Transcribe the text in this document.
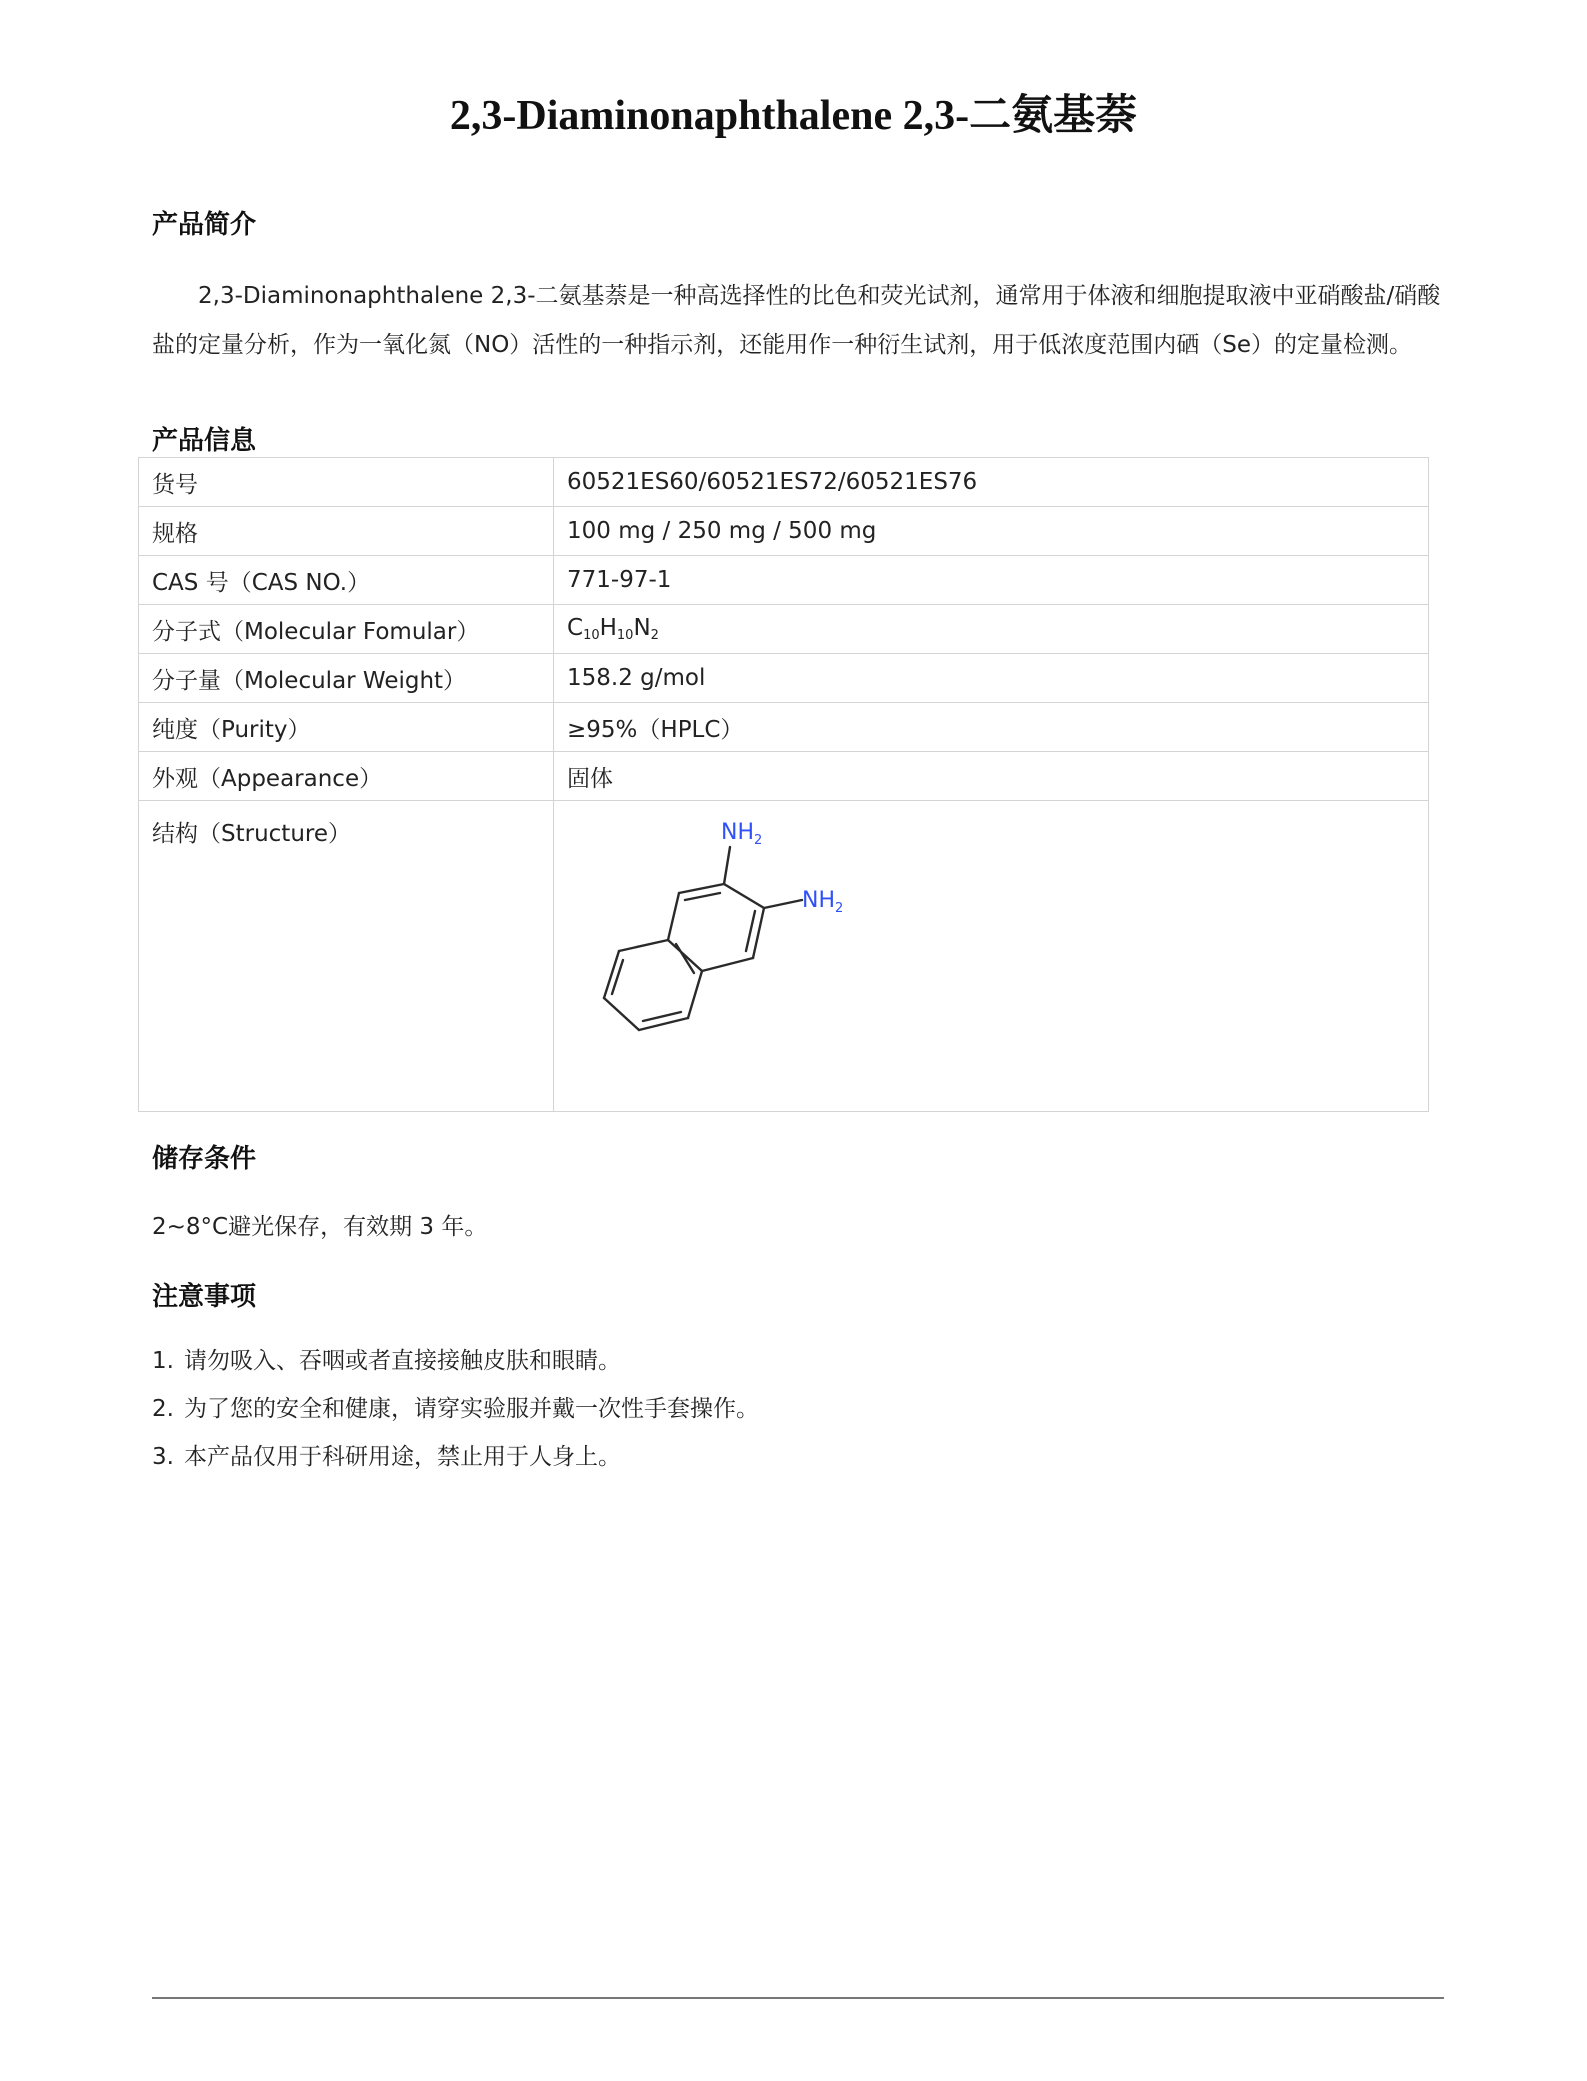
2,3-Diaminonaphthalene 2,3-二氨基萘
产品简介
2,3-Diaminonaphthalene 2,3-二氨基萘是一种高选择性的比色和荧光试剂，通常用于体液和细胞提取液中亚硝酸盐/硝酸盐的定量分析，作为一氧化氮（NO）活性的一种指示剂，还能用作一种衍生试剂，用于低浓度范围内硒（Se）的定量检测。
产品信息
货号	60521ES60/60521ES72/60521ES76
规格	100 mg / 250 mg / 500 mg
CAS 号（CAS NO.）	771-97-1
分子式（Molecular Fomular）	$C_{10}H_{10}N_2$
分子量（Molecular Weight）	158.2 g/mol
纯度（Purity）	≥95%（HPLC）
外观（Appearance）	固体
结构（Structure）	$NH_2$
$NH_2$
储存条件
2~8°C避光保存，有效期 3 年。
注意事项
1. 请勿吸入、吞咽或者直接接触皮肤和眼睛。
2. 为了您的安全和健康，请穿实验服并戴一次性手套操作。
3. 本产品仅用于科研用途，禁止用于人身上。
